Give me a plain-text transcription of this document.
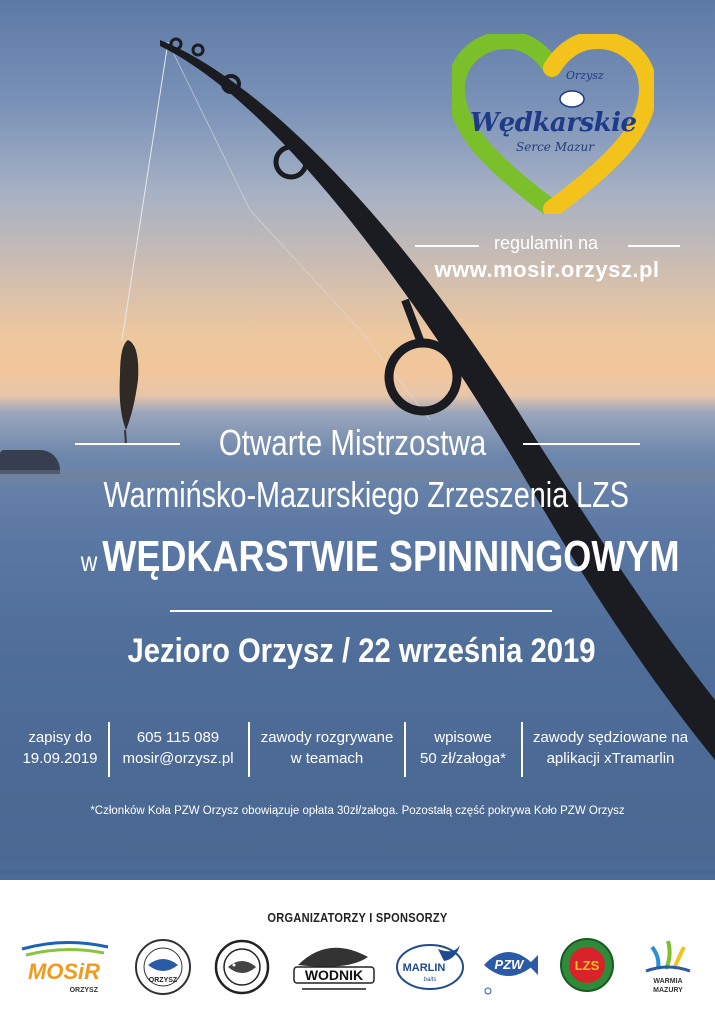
Orzysz
Wędkarskie
Serce Mazur
regulamin na
www.mosir.orzysz.pl
Otwarte Mistrzostwa
Warmińsko-Mazurskiego Zrzeszenia LZS
w WĘDKARSTWIE SPINNINGOWYM
Jezioro Orzysz / 22 września 2019
zapisy do
19.09.2019
605 115 089
mosir@orzysz.pl
zawody rozgrywane
w teamach
wpisowe
50 zł/załoga*
zawody sędziowane na
aplikacji xTramarlin
*Członków Koła PZW Orzysz obowiązuje opłata 30zł/załoga. Pozostałą część pokrywa Koło PZW Orzysz
ORGANIZATORZY I SPONSORZY
MOSiR
ORZYSZ
ORZYSZ	WODNIK	MARLIN
baits
PZW	LZS
WARMIA
MAZURY
